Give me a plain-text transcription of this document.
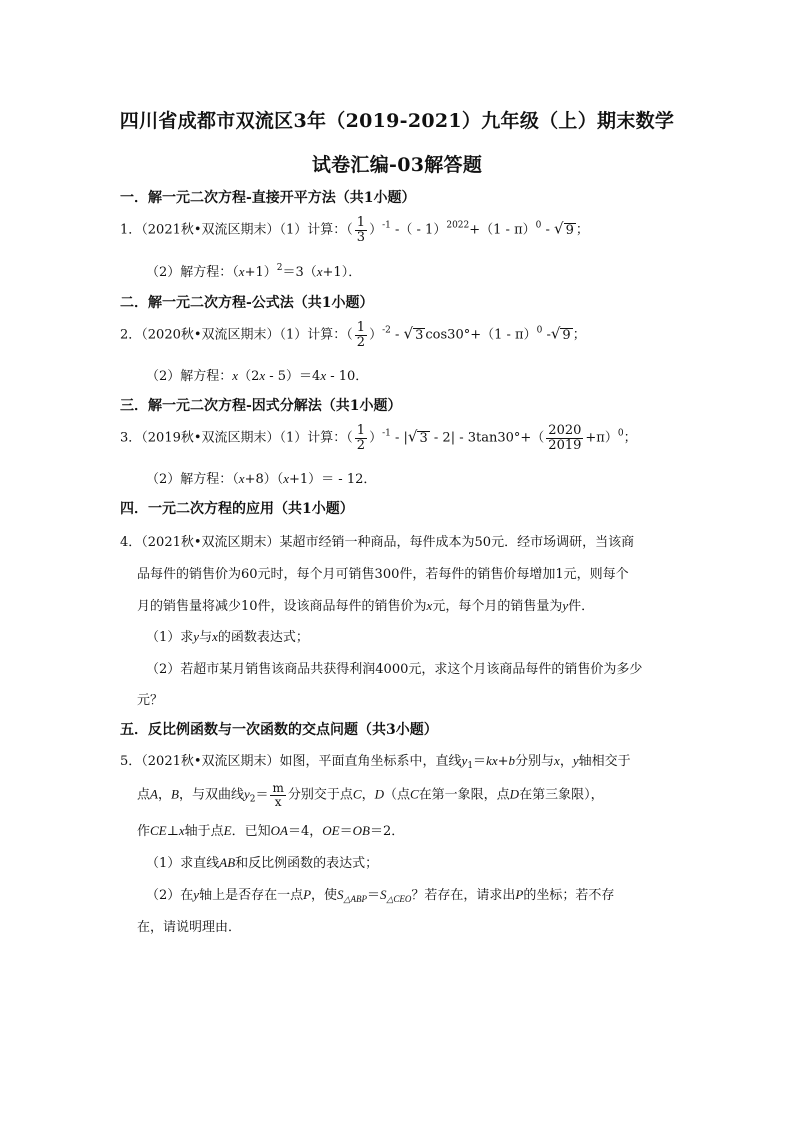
四川省成都市双流区3年（2019-2021）九年级（上）期末数学
试卷汇编-03解答题
一．解一元二次方程-直接开平方法（共1小题）
1．（2021秋•双流区期末）（1）计算：（ $\frac{1}{3} )^{-1}$ -（ - 1）$^{2022}$+（1 - π）$^0$ - √ 9 ；
（2）解方程：$(x+1)^2=3(x+1)$．
二．解一元二次方程-公式法（共1小题）
2．（2020秋•双流区期末）（1）计算：（ $\frac{1}{2} )^{-2}$ - √ 3 cos30°+（1 - π）$^0$ -√ 9 ；
（2）解方程：x（2x - 5）＝4x - 10．
三．解一元二次方程-因式分解法（共1小题）
3．（2019秋•双流区期末）（1）计算：（ $\frac{1}{2} )^{-1}$ - |√ $3 - 2| - 3\tan 30^\circ+( \frac{2020}{2019} +\pi)^0$；
（2）解方程：（x+8）（x+1）＝ - 12．
四．一元二次方程的应用（共1小题）
4．（2021秋•双流区期末）某超市经销一种商品，每件成本为50元．经市场调研，当该商
品每件的销售价为60元时，每个月可销售300件，若每件的销售价每增加1元，则每个
月的销售量将减少10件，设该商品每件的销售价为x元，每个月的销售量为y件．
（1）求y与x的函数表达式；
（2）若超市某月销售该商品共获得利润4000元，求这个月该商品每件的销售价为多少
元？
五．反比例函数与一次函数的交点问题（共3小题）
5．（2021秋•双流区期末）如图，平面直角坐标系中，直线$y_1=kx+b$分别与x，y轴相交于
点A，B，与双曲线$y_2= \frac{m}{x}$ 分别交于点C，D（点C在第一象限，点D在第三象限），
作CE⊥x轴于点E．已知OA＝4，OE＝OB＝2．
（1）求直线AB和反比例函数的表达式；
（2）在y轴上是否存在一点P，使$S_{\triangle ABP}=S_{\triangle CEO}$？若存在，请求出P的坐标；若不存
在，请说明理由．
